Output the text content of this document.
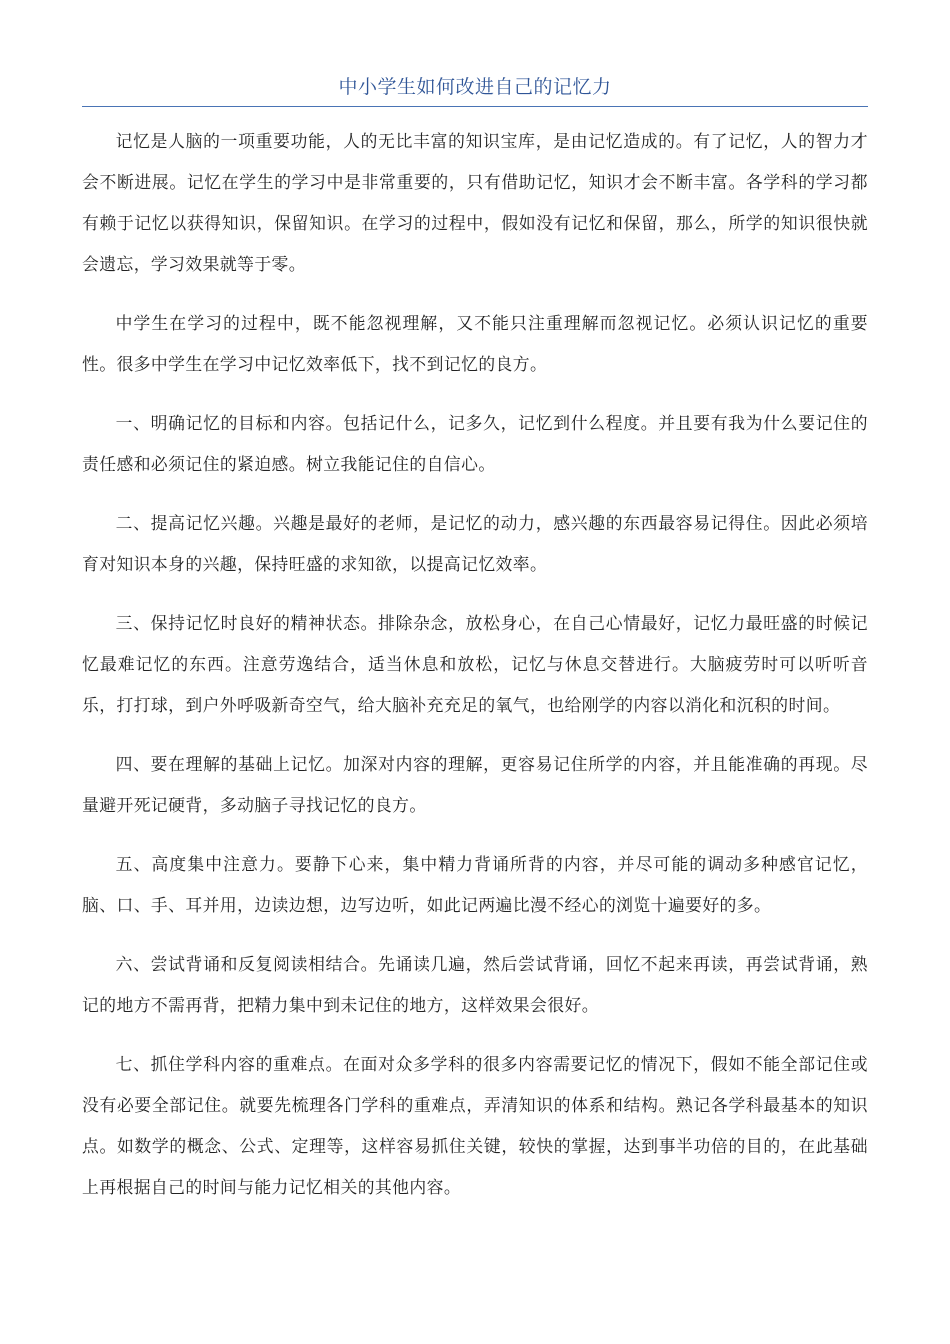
中小学生如何改进自己的记忆力

记忆是人脑的一项重要功能，人的无比丰富的知识宝库，是由记忆造成的。有了记忆，人的智力才会不断进展。记忆在学生的学习中是非常重要的，只有借助记忆，知识才会不断丰富。各学科的学习都有赖于记忆以获得知识，保留知识。在学习的过程中，假如没有记忆和保留，那么，所学的知识很快就会遗忘，学习效果就等于零。

中学生在学习的过程中，既不能忽视理解，又不能只注重理解而忽视记忆。必须认识记忆的重要性。很多中学生在学习中记忆效率低下，找不到记忆的良方。

一、明确记忆的目标和内容。包括记什么，记多久，记忆到什么程度。并且要有我为什么要记住的责任感和必须记住的紧迫感。树立我能记住的自信心。

二、提高记忆兴趣。兴趣是最好的老师，是记忆的动力，感兴趣的东西最容易记得住。因此必须培育对知识本身的兴趣，保持旺盛的求知欲，以提高记忆效率。

三、保持记忆时良好的精神状态。排除杂念，放松身心，在自己心情最好，记忆力最旺盛的时候记忆最难记忆的东西。注意劳逸结合，适当休息和放松，记忆与休息交替进行。大脑疲劳时可以听听音乐，打打球，到户外呼吸新奇空气，给大脑补充充足的氧气，也给刚学的内容以消化和沉积的时间。

四、要在理解的基础上记忆。加深对内容的理解，更容易记住所学的内容，并且能准确的再现。尽量避开死记硬背，多动脑子寻找记忆的良方。

五、高度集中注意力。要静下心来，集中精力背诵所背的内容，并尽可能的调动多种感官记忆，脑、口、手、耳并用，边读边想，边写边听，如此记两遍比漫不经心的浏览十遍要好的多。

六、尝试背诵和反复阅读相结合。先诵读几遍，然后尝试背诵，回忆不起来再读，再尝试背诵，熟记的地方不需再背，把精力集中到未记住的地方，这样效果会很好。

七、抓住学科内容的重难点。在面对众多学科的很多内容需要记忆的情况下，假如不能全部记住或没有必要全部记住。就要先梳理各门学科的重难点，弄清知识的体系和结构。熟记各学科最基本的知识点。如数学的概念、公式、定理等，这样容易抓住关键，较快的掌握，达到事半功倍的目的，在此基础上再根据自己的时间与能力记忆相关的其他内容。
